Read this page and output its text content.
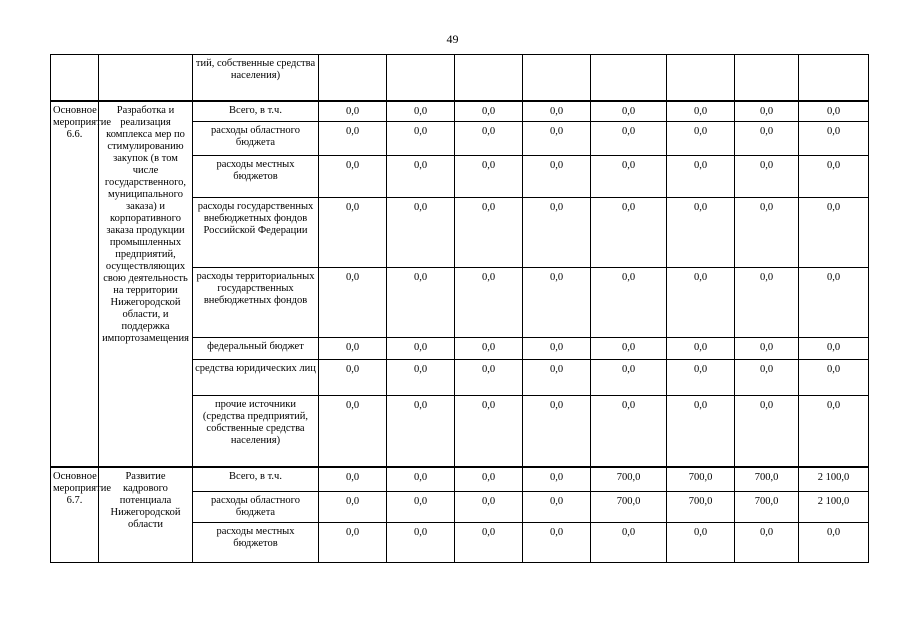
49
		тий, собственные средства населения)								
Основное мероприятие 6.6.	Разработка и реализация комплекса мер по стимулированию закупок (в том числе государственного, муниципального заказа) и корпоративного заказа продукции промышленных предприятий, осуществляющих свою деятельность на территории Нижегородской области, и поддержка импортозамещения	Всего, в т.ч.	0,0	0,0	0,0	0,0	0,0	0,0	0,0	0,0
		расходы областного бюджета	0,0	0,0	0,0	0,0	0,0	0,0	0,0	0,0
		расходы местных бюджетов	0,0	0,0	0,0	0,0	0,0	0,0	0,0	0,0
		расходы государственных внебюджетных фондов Российской Федерации	0,0	0,0	0,0	0,0	0,0	0,0	0,0	0,0
		расходы территориальных государственных внебюджетных фондов	0,0	0,0	0,0	0,0	0,0	0,0	0,0	0,0
		федеральный бюджет	0,0	0,0	0,0	0,0	0,0	0,0	0,0	0,0
		средства юридических лиц	0,0	0,0	0,0	0,0	0,0	0,0	0,0	0,0
		прочие источники (средства предприятий, собственные средства населения)	0,0	0,0	0,0	0,0	0,0	0,0	0,0	0,0
Основное мероприятие 6.7.	Развитие кадрового потенциала Нижегородской области	Всего, в т.ч.	0,0	0,0	0,0	0,0	700,0	700,0	700,0	2 100,0
		расходы областного бюджета	0,0	0,0	0,0	0,0	700,0	700,0	700,0	2 100,0
		расходы местных бюджетов	0,0	0,0	0,0	0,0	0,0	0,0	0,0	0,0
